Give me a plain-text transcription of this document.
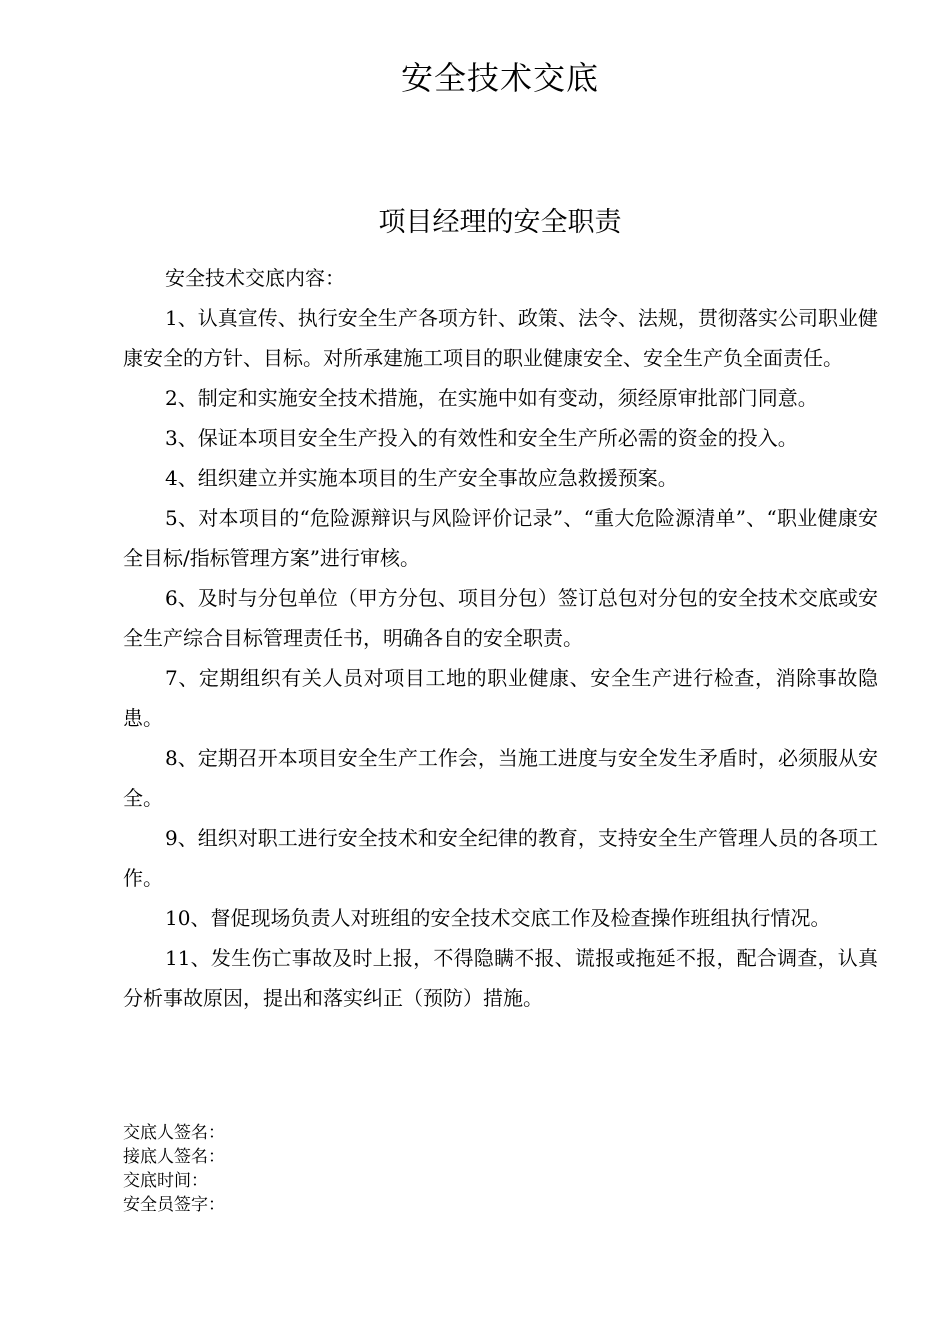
安全技术交底
项目经理的安全职责

安全技术交底内容：

1、认真宣传、执行安全生产各项方针、政策、法令、法规，贯彻落实公司职业健康安全的方针、目标。对所承建施工项目的职业健康安全、安全生产负全面责任。

2、制定和实施安全技术措施，在实施中如有变动，须经原审批部门同意。

3、保证本项目安全生产投入的有效性和安全生产所必需的资金的投入。

4、组织建立并实施本项目的生产安全事故应急救援预案。

5、对本项目的“危险源辩识与风险评价记录”、“重大危险源清单”、“职业健康安全目标/指标管理方案”进行审核。

6、及时与分包单位（甲方分包、项目分包）签订总包对分包的安全技术交底或安全生产综合目标管理责任书，明确各自的安全职责。

7、定期组织有关人员对项目工地的职业健康、安全生产进行检查，消除事故隐患。

8、定期召开本项目安全生产工作会，当施工进度与安全发生矛盾时，必须服从安全。

9、组织对职工进行安全技术和安全纪律的教育，支持安全生产管理人员的各项工作。

10、督促现场负责人对班组的安全技术交底工作及检查操作班组执行情况。

11、发生伤亡事故及时上报，不得隐瞒不报、谎报或拖延不报，配合调查，认真分析事故原因，提出和落实纠正（预防）措施。

交底人签名：
接底人签名：
交底时间：
安全员签字：
